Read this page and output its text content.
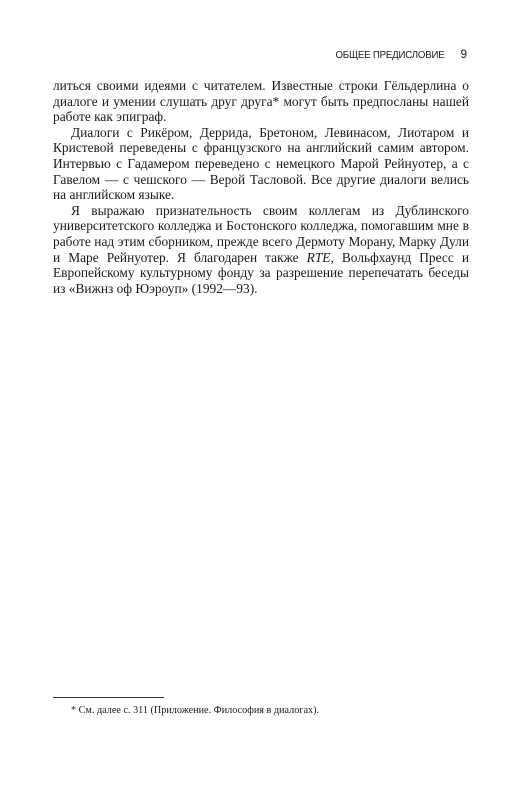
ОБЩЕЕ ПРЕДИСЛОВИЕ 9

литься своими идеями с читателем. Известные строки Гёльдерлина о диалоге и умении слушать друг друга* могут быть предпосланы нашей работе как эпиграф.

Диалоги с Рикёром, Деррида, Бретоном, Левинасом, Лиотаром и Кристевой переведены с французского на английский самим автором. Интервью с Гадамером переведено с немецкого Марой Рейнуотер, а с Гавелом — с чешского — Верой Тасловой. Все другие диалоги велись на английском языке.

Я выражаю признательность своим коллегам из Дублинского университетского колледжа и Бостонского колледжа, помогавшим мне в работе над этим сборником, прежде всего Дермоту Морану, Марку Дули и Маре Рейнуотер. Я благодарен также RTE, Вольфхаунд Пресс и Европейскому культурному фонду за разрешение перепечатать беседы из «Вижнз оф Юэроуп» (1992—93).

* См. далее с. 311 (Приложение. Философия в диалогах).
